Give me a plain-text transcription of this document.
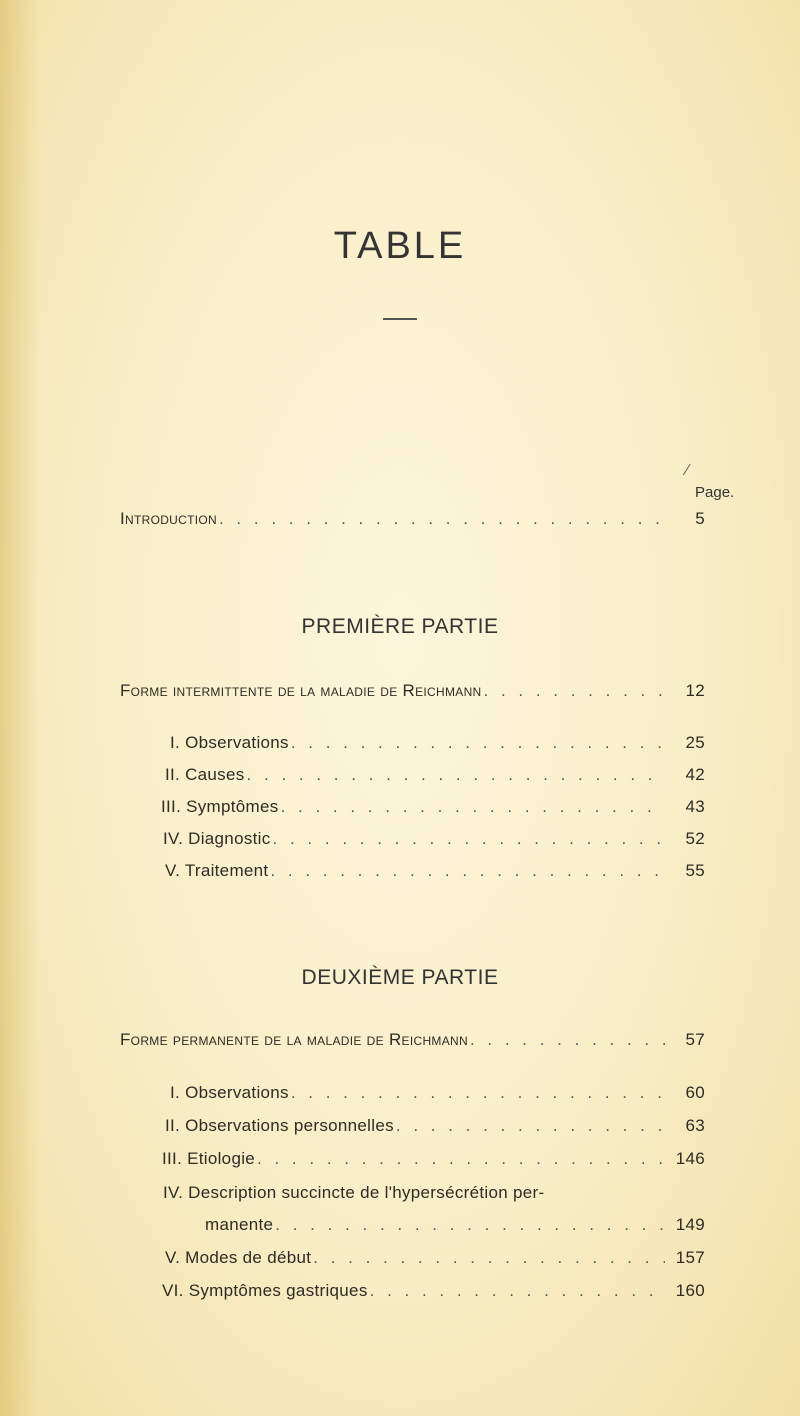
TABLE
⁄
Page.
Introduction . . .	5
PREMIÈRE PARTIE
Forme intermittente de la maladie de Reichmann . . .	12
I. Observations . . .	25
II. Causes . . .	42
III. Symptômes . . .	43
IV. Diagnostic . . .	52
V. Traitement . . .	55
DEUXIÈME PARTIE
Forme permanente de la maladie de Reichmann . . .	57
I. Observations . . .	60
II. Observations personnelles . . .	63
III. Etiologie . . .	146
IV. Description succincte de l'hypersécrétion per-
manente . . .	149
V. Modes de début . . .	157
VI. Symptômes gastriques . . .	160
